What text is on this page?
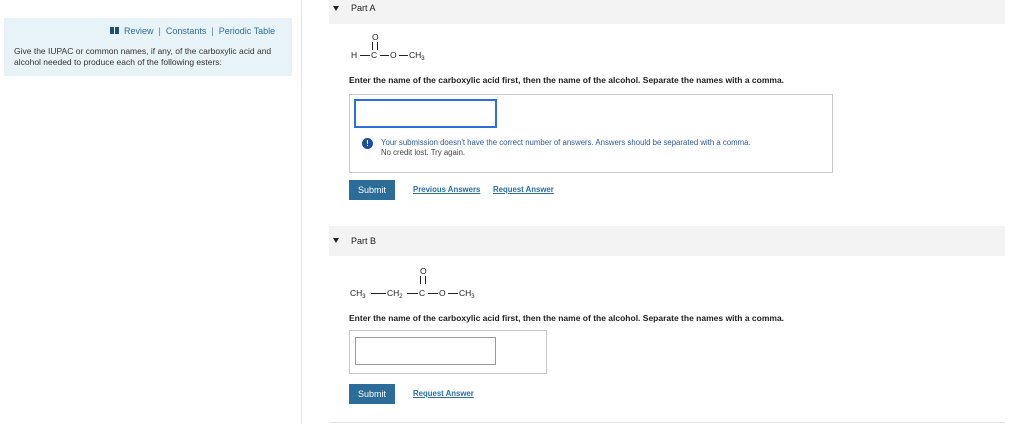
Review | Constants | Periodic Table
Give the IUPAC or common names, if any, of the carboxylic acid and alcohol needed to produce each of the following esters:
Part A
O
H C O $CH_3$
Enter the name of the carboxylic acid first, then the name of the alcohol. Separate the names with a comma.
!	Your submission doesn't have the correct number of answers. Answers should be separated with a comma.
No credit lost. Try again.
Submit	Previous Answers Request Answer
Part B
O
$CH_3$	$CH_2$ C O $CH_3$
Enter the name of the carboxylic acid first, then the name of the alcohol. Separate the names with a comma.
Submit	Request Answer
